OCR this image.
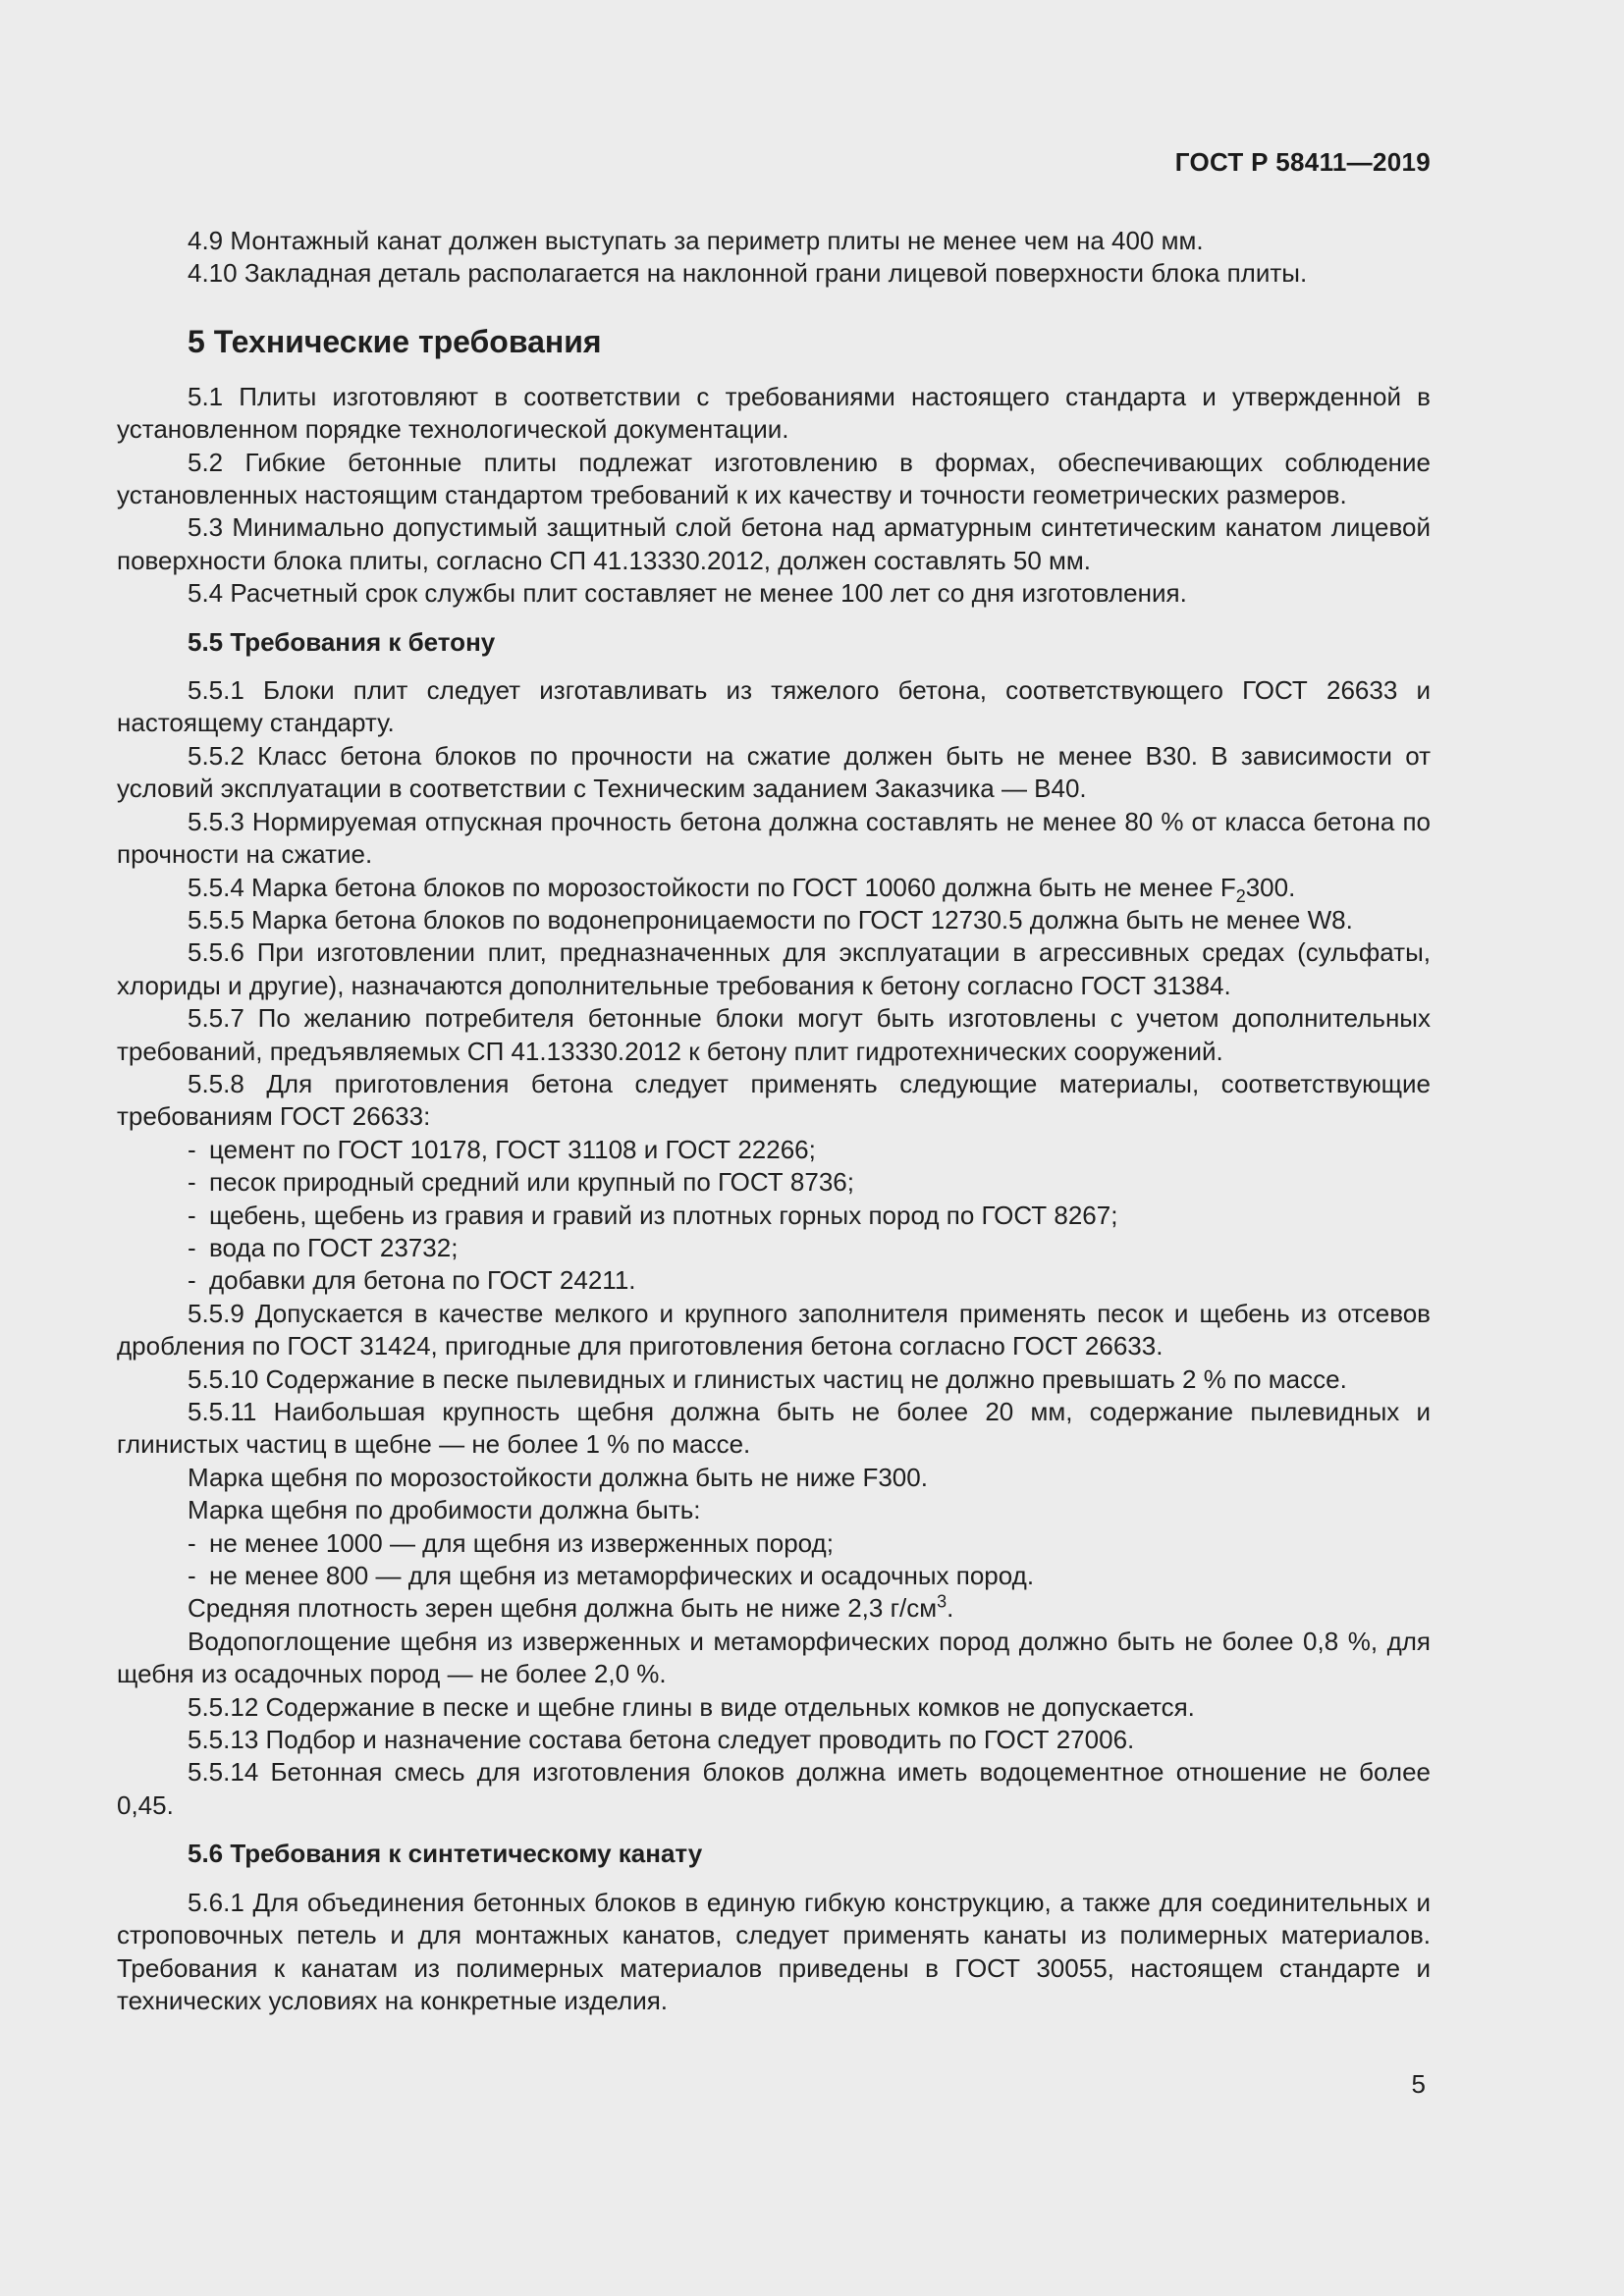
ГОСТ Р 58411—2019

4.9 Монтажный канат должен выступать за периметр плиты не менее чем на 400 мм.

4.10 Закладная деталь располагается на наклонной грани лицевой поверхности блока плиты.

5 Технические требования

5.1 Плиты изготовляют в соответствии с требованиями настоящего стандарта и утвержденной в установленном порядке технологической документации.

5.2 Гибкие бетонные плиты подлежат изготовлению в формах, обеспечивающих соблюдение установленных настоящим стандартом требований к их качеству и точности геометрических размеров.

5.3 Минимально допустимый защитный слой бетона над арматурным синтетическим канатом лицевой поверхности блока плиты, согласно СП 41.13330.2012, должен составлять 50 мм.

5.4 Расчетный срок службы плит составляет не менее 100 лет со дня изготовления.

5.5 Требования к бетону

5.5.1 Блоки плит следует изготавливать из тяжелого бетона, соответствующего ГОСТ 26633 и настоящему стандарту.

5.5.2 Класс бетона блоков по прочности на сжатие должен быть не менее В30. В зависимости от условий эксплуатации в соответствии с Техническим заданием Заказчика — В40.

5.5.3 Нормируемая отпускная прочность бетона должна составлять не менее 80 % от класса бетона по прочности на сжатие.

5.5.4 Марка бетона блоков по морозостойкости по ГОСТ 10060 должна быть не менее $F_2300$.

5.5.5 Марка бетона блоков по водонепроницаемости по ГОСТ 12730.5 должна быть не менее W8.

5.5.6 При изготовлении плит, предназначенных для эксплуатации в агрессивных средах (сульфаты, хлориды и другие), назначаются дополнительные требования к бетону согласно ГОСТ 31384.

5.5.7 По желанию потребителя бетонные блоки могут быть изготовлены с учетом дополнительных требований, предъявляемых СП 41.13330.2012 к бетону плит гидротехнических сооружений.

5.5.8 Для приготовления бетона следует применять следующие материалы, соответствующие требованиям ГОСТ 26633:

- цемент по ГОСТ 10178, ГОСТ 31108 и ГОСТ 22266;

- песок природный средний или крупный по ГОСТ 8736;

- щебень, щебень из гравия и гравий из плотных горных пород по ГОСТ 8267;

- вода по ГОСТ 23732;

- добавки для бетона по ГОСТ 24211.

5.5.9 Допускается в качестве мелкого и крупного заполнителя применять песок и щебень из отсевов дробления по ГОСТ 31424, пригодные для приготовления бетона согласно ГОСТ 26633.

5.5.10 Содержание в песке пылевидных и глинистых частиц не должно превышать 2 % по массе.

5.5.11 Наибольшая крупность щебня должна быть не более 20 мм, содержание пылевидных и глинистых частиц в щебне — не более 1 % по массе.

Марка щебня по морозостойкости должна быть не ниже F300.

Марка щебня по дробимости должна быть:

- не менее 1000 — для щебня из изверженных пород;

- не менее 800 — для щебня из метаморфических и осадочных пород.

Средняя плотность зерен щебня должна быть не ниже 2,3 $г/см^3$.

Водопоглощение щебня из изверженных и метаморфических пород должно быть не более 0,8 %, для щебня из осадочных пород — не более 2,0 %.

5.5.12 Содержание в песке и щебне глины в виде отдельных комков не допускается.

5.5.13 Подбор и назначение состава бетона следует проводить по ГОСТ 27006.

5.5.14 Бетонная смесь для изготовления блоков должна иметь водоцементное отношение не более 0,45.

5.6 Требования к синтетическому канату

5.6.1 Для объединения бетонных блоков в единую гибкую конструкцию, а также для соединительных и строповочных петель и для монтажных канатов, следует применять канаты из полимерных материалов. Требования к канатам из полимерных материалов приведены в ГОСТ 30055, настоящем стандарте и технических условиях на конкретные изделия.

5
